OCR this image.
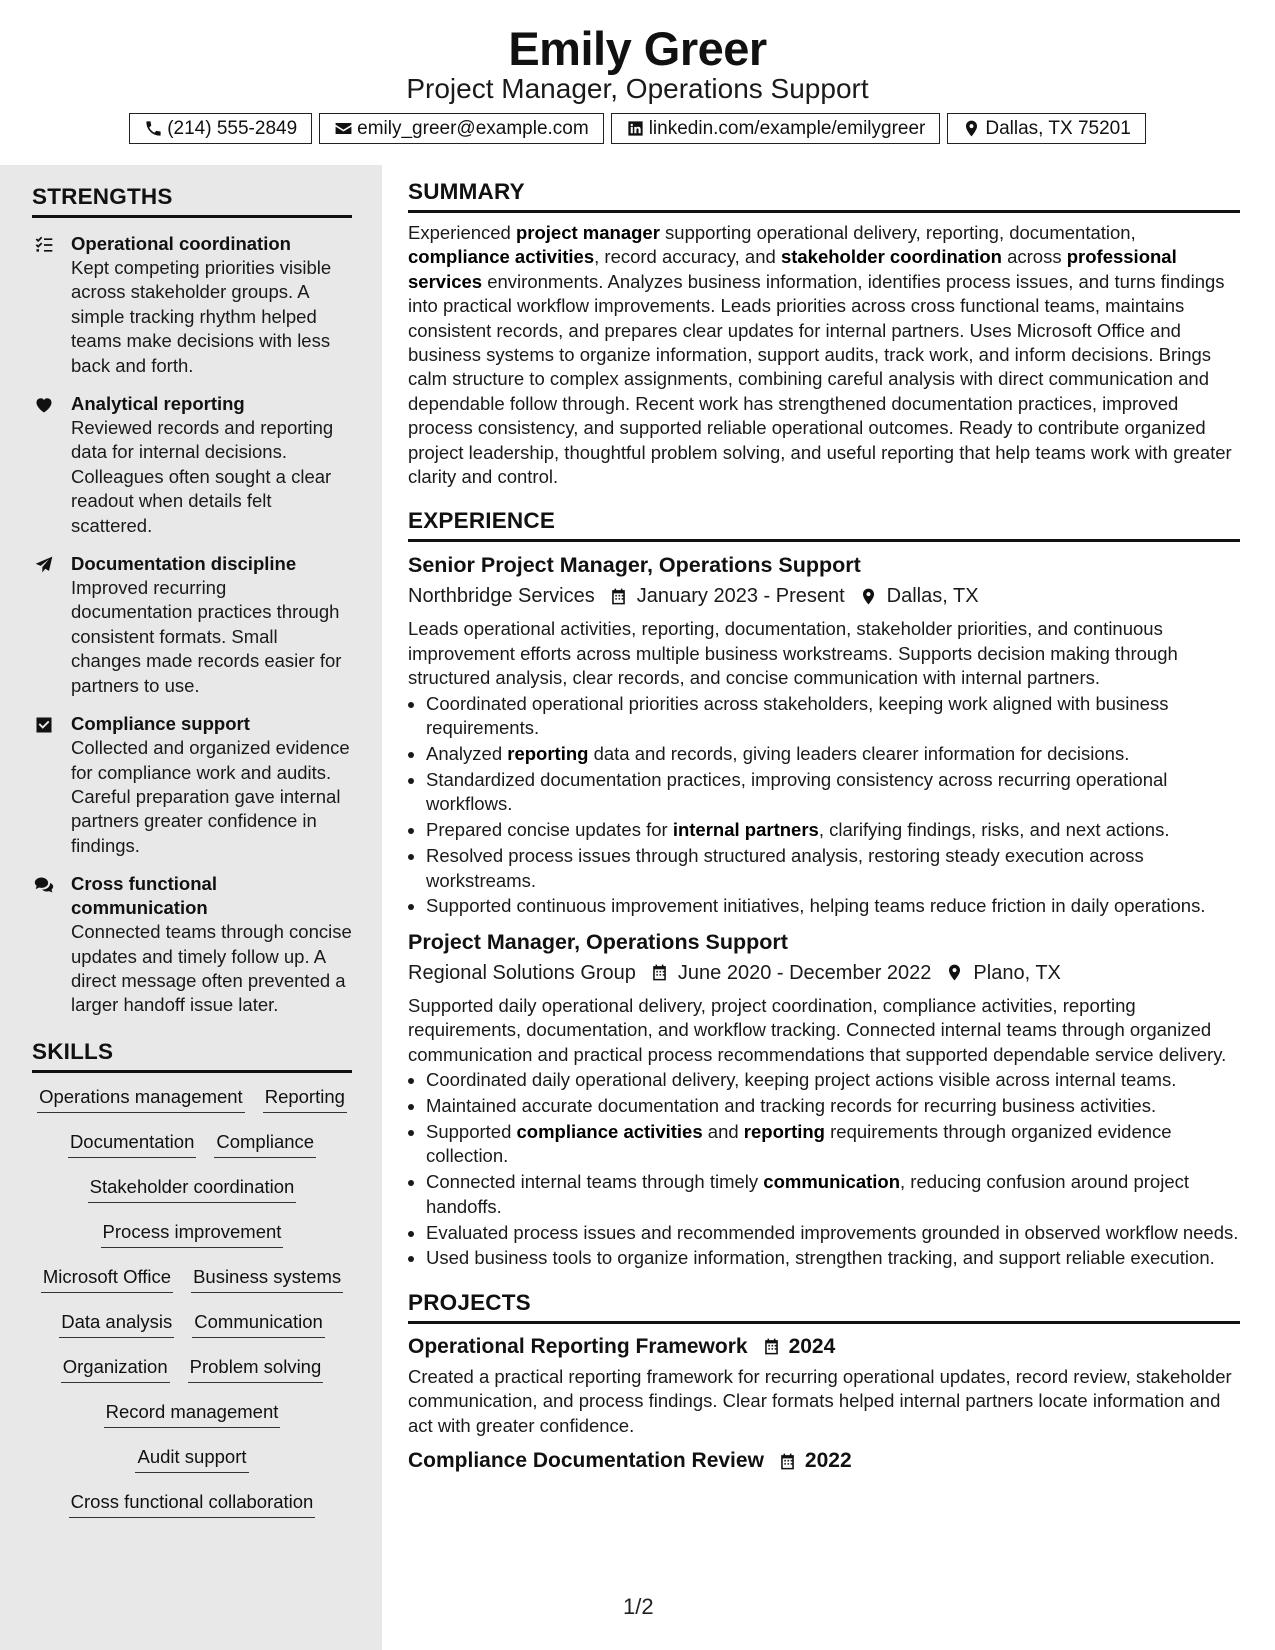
Emily Greer
Project Manager, Operations Support
(214) 555-2849	emily_greer@example.com	linkedin.com/example/emilygreer	Dallas, TX 75201
STRENGTHS
Operational coordination
Kept competing priorities visible across stakeholder groups. A simple tracking rhythm helped teams make decisions with less back and forth.
Analytical reporting
Reviewed records and reporting data for internal decisions. Colleagues often sought a clear readout when details felt scattered.
Documentation discipline
Improved recurring documentation practices through consistent formats. Small changes made records easier for partners to use.
Compliance support
Collected and organized evidence for compliance work and audits. Careful preparation gave internal partners greater confidence in findings.
Cross functional communication
Connected teams through concise updates and timely follow up. A direct message often prevented a larger handoff issue later.
SKILLS
Operations management Reporting
Documentation Compliance
Stakeholder coordination
Process improvement
Microsoft Office Business systems
Data analysis Communication
Organization Problem solving
Record management
Audit support
Cross functional collaboration
SUMMARY
Experienced project manager supporting operational delivery, reporting, documentation, compliance activities, record accuracy, and stakeholder coordination across professional services environments. Analyzes business information, identifies process issues, and turns findings into practical workflow improvements. Leads priorities across cross functional teams, maintains consistent records, and prepares clear updates for internal partners. Uses Microsoft Office and business systems to organize information, support audits, track work, and inform decisions. Brings calm structure to complex assignments, combining careful analysis with direct communication and dependable follow through. Recent work has strengthened documentation practices, improved process consistency, and supported reliable operational outcomes. Ready to contribute organized project leadership, thoughtful problem solving, and useful reporting that help teams work with greater clarity and control.
EXPERIENCE
Senior Project Manager, Operations Support
Northbridge Services January 2023 - Present Dallas, TX
Leads operational activities, reporting, documentation, stakeholder priorities, and continuous improvement efforts across multiple business workstreams. Supports decision making through structured analysis, clear records, and concise communication with internal partners.
• Coordinated operational priorities across stakeholders, keeping work aligned with business requirements.
• Analyzed reporting data and records, giving leaders clearer information for decisions.
• Standardized documentation practices, improving consistency across recurring operational workflows.
• Prepared concise updates for internal partners, clarifying findings, risks, and next actions.
• Resolved process issues through structured analysis, restoring steady execution across workstreams.
• Supported continuous improvement initiatives, helping teams reduce friction in daily operations.
Project Manager, Operations Support
Regional Solutions Group June 2020 - December 2022 Plano, TX
Supported daily operational delivery, project coordination, compliance activities, reporting requirements, documentation, and workflow tracking. Connected internal teams through organized communication and practical process recommendations that supported dependable service delivery.
• Coordinated daily operational delivery, keeping project actions visible across internal teams.
• Maintained accurate documentation and tracking records for recurring business activities.
• Supported compliance activities and reporting requirements through organized evidence collection.
• Connected internal teams through timely communication, reducing confusion around project handoffs.
• Evaluated process issues and recommended improvements grounded in observed workflow needs.
• Used business tools to organize information, strengthen tracking, and support reliable execution.
PROJECTS
Operational Reporting Framework 2024
Created a practical reporting framework for recurring operational updates, record review, stakeholder communication, and process findings. Clear formats helped internal partners locate information and act with greater confidence.
Compliance Documentation Review 2022
1/2
